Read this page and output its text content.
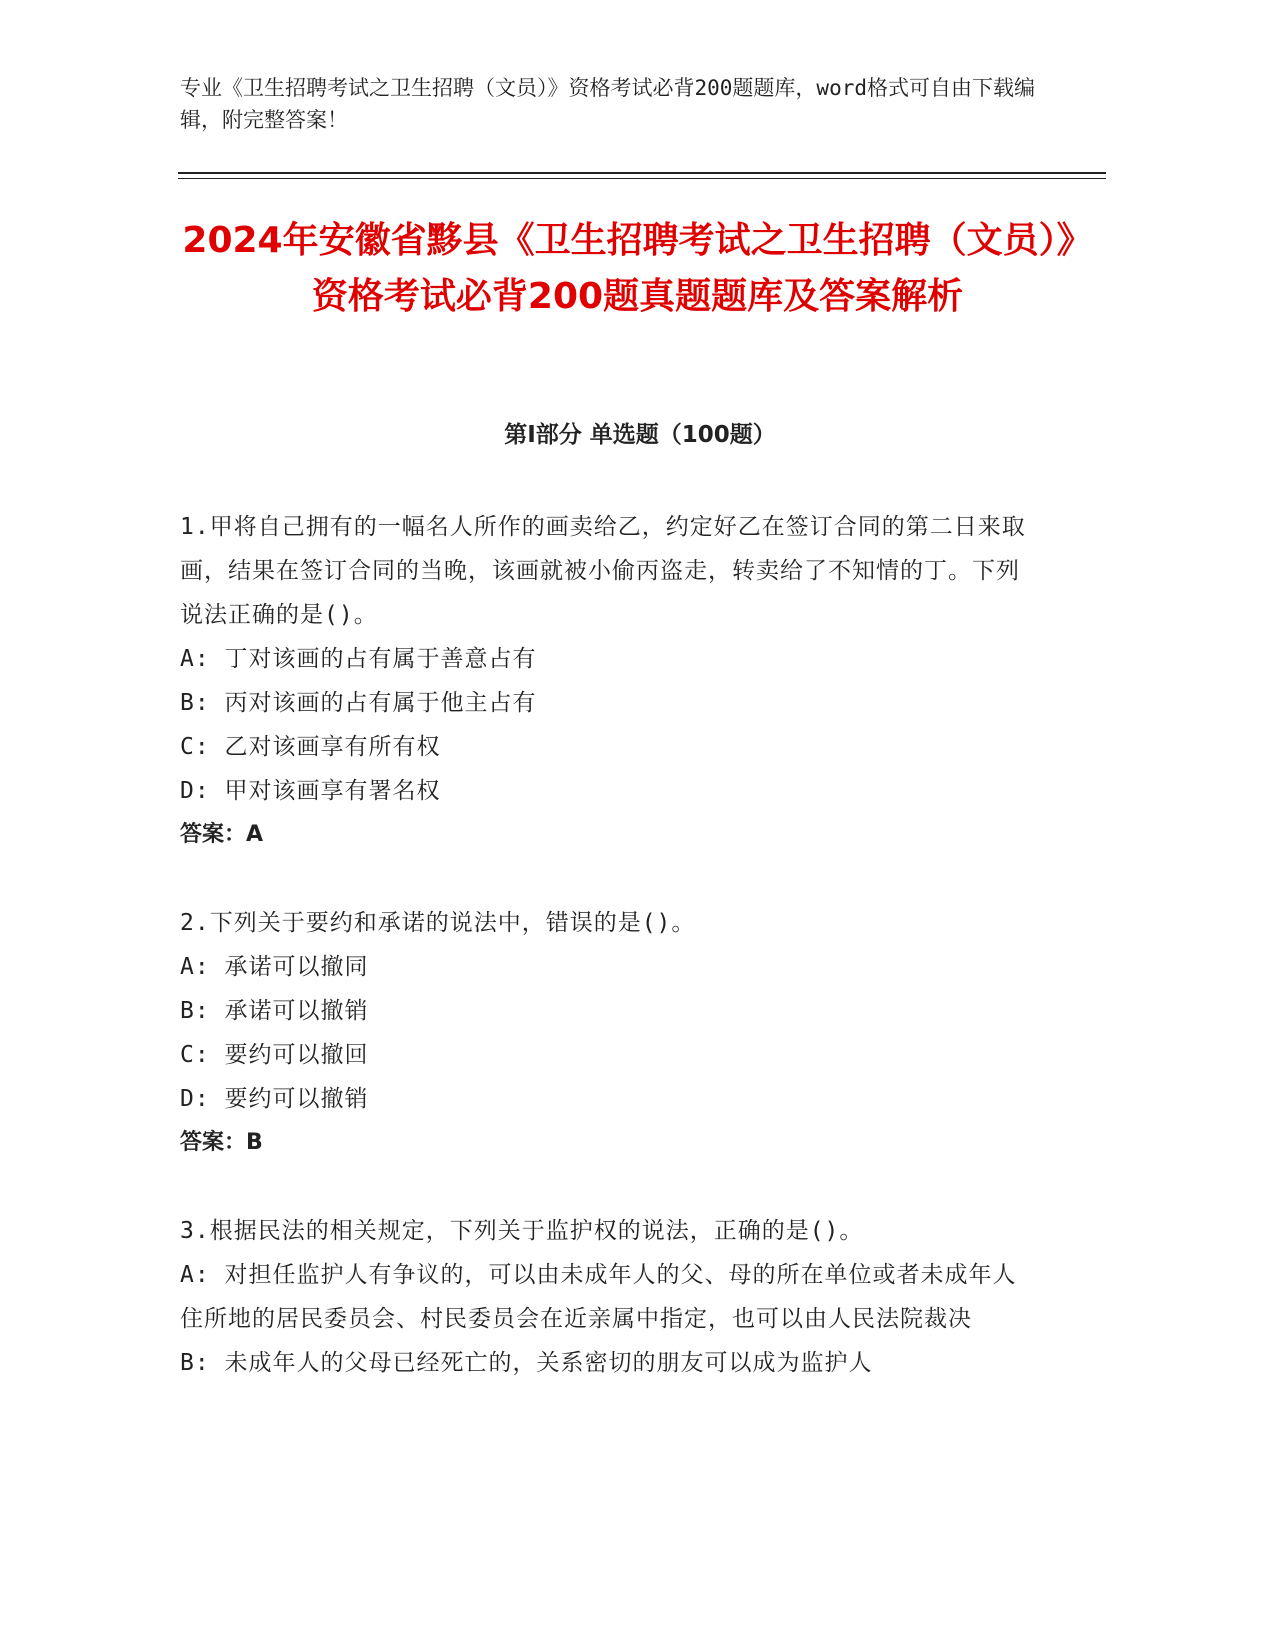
专业《卫生招聘考试之卫生招聘（文员）》资格考试必背200题题库，word格式可自由下载编辑，附完整答案！
2024年安徽省黟县《卫生招聘考试之卫生招聘（文员）》资格考试必背200题真题题库及答案解析
第I部分 单选题（100题）

1.甲将自己拥有的一幅名人所作的画卖给乙，约定好乙在签订合同的第二日来取画，结果在签订合同的当晚，该画就被小偷丙盗走，转卖给了不知情的丁。下列说法正确的是()。

A: 丁对该画的占有属于善意占有

B: 丙对该画的占有属于他主占有

C: 乙对该画享有所有权

D: 甲对该画享有署名权

答案：A

2.下列关于要约和承诺的说法中，错误的是()。

A: 承诺可以撤同

B: 承诺可以撤销

C: 要约可以撤回

D: 要约可以撤销

答案：B

3.根据民法的相关规定，下列关于监护权的说法，正确的是()。

A: 对担任监护人有争议的，可以由未成年人的父、母的所在单位或者未成年人住所地的居民委员会、村民委员会在近亲属中指定，也可以由人民法院裁决

B: 未成年人的父母已经死亡的，关系密切的朋友可以成为监护人
